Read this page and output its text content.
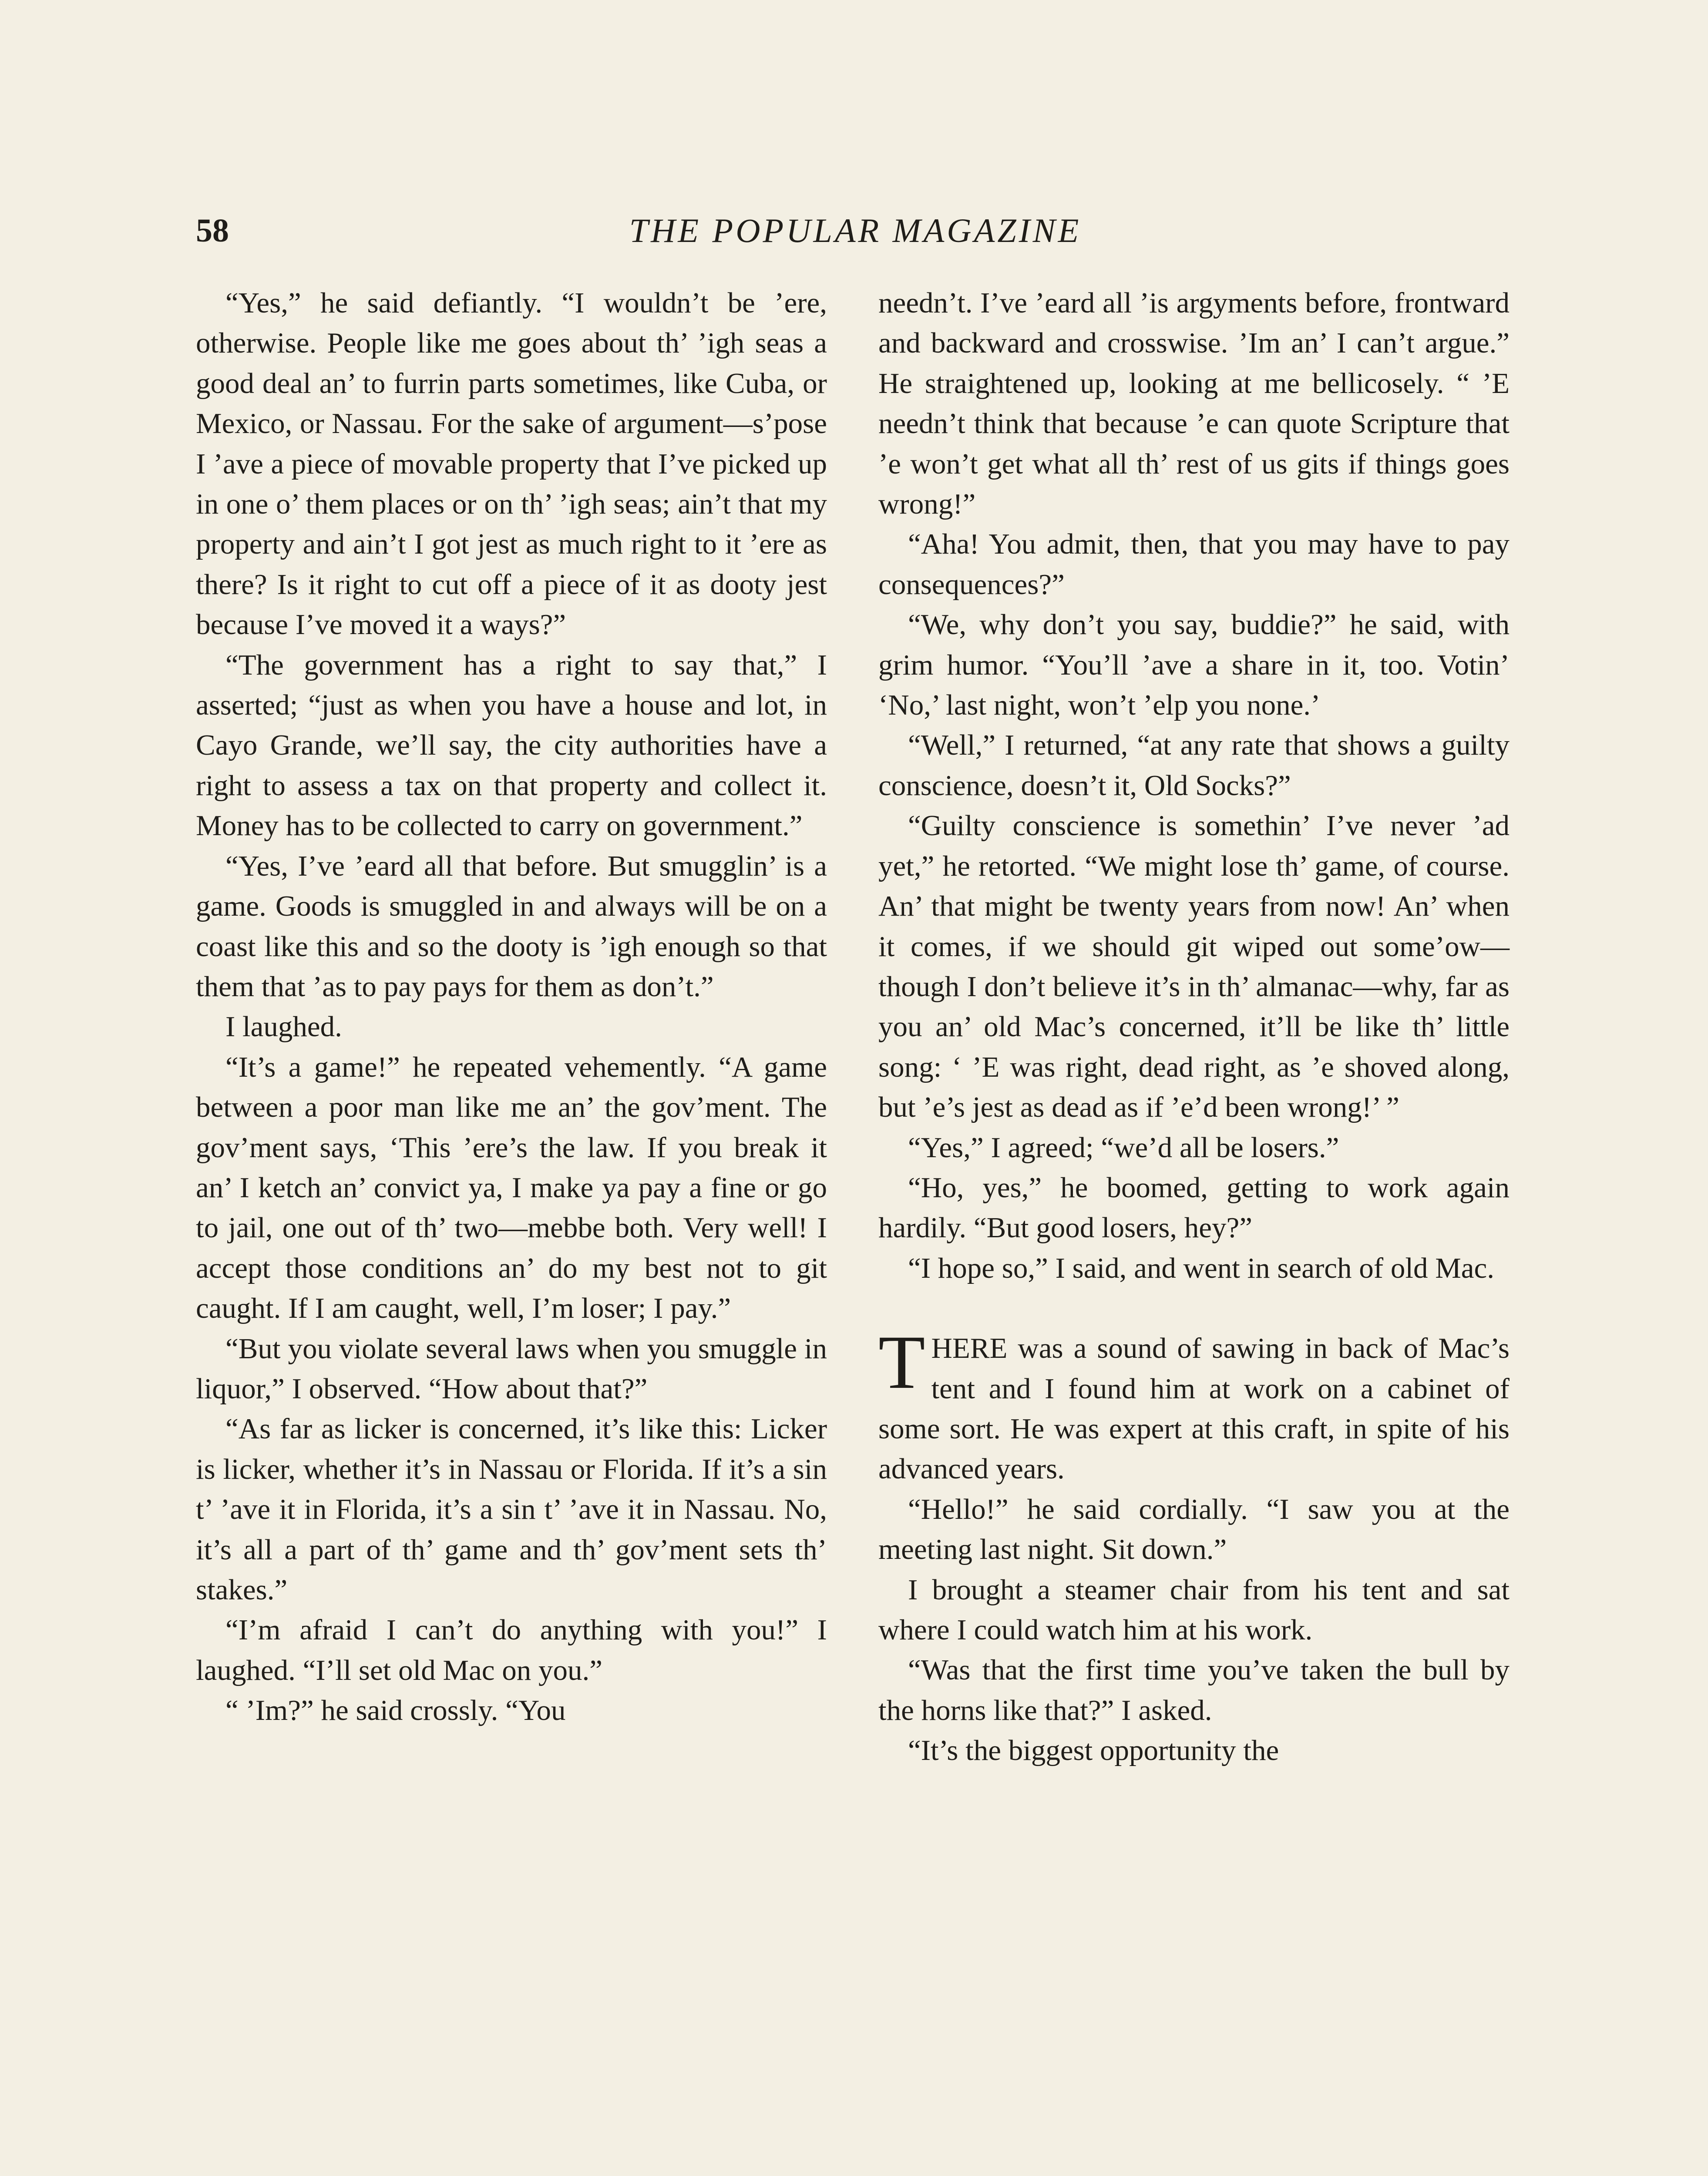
58	THE POPULAR MAGAZINE

“Yes,” he said defiantly. “I wouldn’t be ’ere, otherwise. People like me goes about th’ ’igh seas a good deal an’ to furrin parts sometimes, like Cuba, or Mexico, or Nassau. For the sake of argument—s’pose I ’ave a piece of movable property that I’ve picked up in one o’ them places or on th’ ’igh seas; ain’t that my property and ain’t I got jest as much right to it ’ere as there? Is it right to cut off a piece of it as dooty jest because I’ve moved it a ways?”

“The government has a right to say that,” I asserted; “just as when you have a house and lot, in Cayo Grande, we’ll say, the city authorities have a right to assess a tax on that property and collect it. Money has to be collected to carry on government.”

“Yes, I’ve ’eard all that before. But smugglin’ is a game. Goods is smuggled in and always will be on a coast like this and so the dooty is ’igh enough so that them that ’as to pay pays for them as don’t.”

I laughed.

“It’s a game!” he repeated vehemently. “A game between a poor man like me an’ the gov’ment. The gov’ment says, ‘This ’ere’s the law. If you break it an’ I ketch an’ convict ya, I make ya pay a fine or go to jail, one out of th’ two—mebbe both. Very well! I accept those conditions an’ do my best not to git caught. If I am caught, well, I’m loser; I pay.”

“But you violate several laws when you smuggle in liquor,” I observed. “How about that?”

“As far as licker is concerned, it’s like this: Licker is licker, whether it’s in Nassau or Florida. If it’s a sin t’ ’ave it in Florida, it’s a sin t’ ’ave it in Nassau. No, it’s all a part of th’ game and th’ gov’ment sets th’ stakes.”

“I’m afraid I can’t do anything with you!” I laughed. “I’ll set old Mac on you.”

“ ’Im?” he said crossly. “You

needn’t. I’ve ’eard all ’is argyments before, frontward and backward and crosswise. ’Im an’ I can’t argue.” He straightened up, looking at me bellicosely. “ ’E needn’t think that because ’e can quote Scripture that ’e won’t get what all th’ rest of us gits if things goes wrong!”

“Aha! You admit, then, that you may have to pay consequences?”

“We, why don’t you say, buddie?” he said, with grim humor. “You’ll ’ave a share in it, too. Votin’ ‘No,’ last night, won’t ’elp you none.’

“Well,” I returned, “at any rate that shows a guilty conscience, doesn’t it, Old Socks?”

“Guilty conscience is somethin’ I’ve never ’ad yet,” he retorted. “We might lose th’ game, of course. An’ that might be twenty years from now! An’ when it comes, if we should git wiped out some’ow—though I don’t believe it’s in th’ almanac—why, far as you an’ old Mac’s concerned, it’ll be like th’ little song: ‘ ’E was right, dead right, as ’e shoved along, but ’e’s jest as dead as if ’e’d been wrong!’ ”

“Yes,” I agreed; “we’d all be losers.”

“Ho, yes,” he boomed, getting to work again hardily. “But good losers, hey?”

“I hope so,” I said, and went in search of old Mac.

T HERE was a sound of sawing in back of Mac’s tent and I found him at work on a cabinet of some sort. He was expert at this craft, in spite of his advanced years.

“Hello!” he said cordially. “I saw you at the meeting last night. Sit down.”

I brought a steamer chair from his tent and sat where I could watch him at his work.

“Was that the first time you’ve taken the bull by the horns like that?” I asked.

“It’s the biggest opportunity the
